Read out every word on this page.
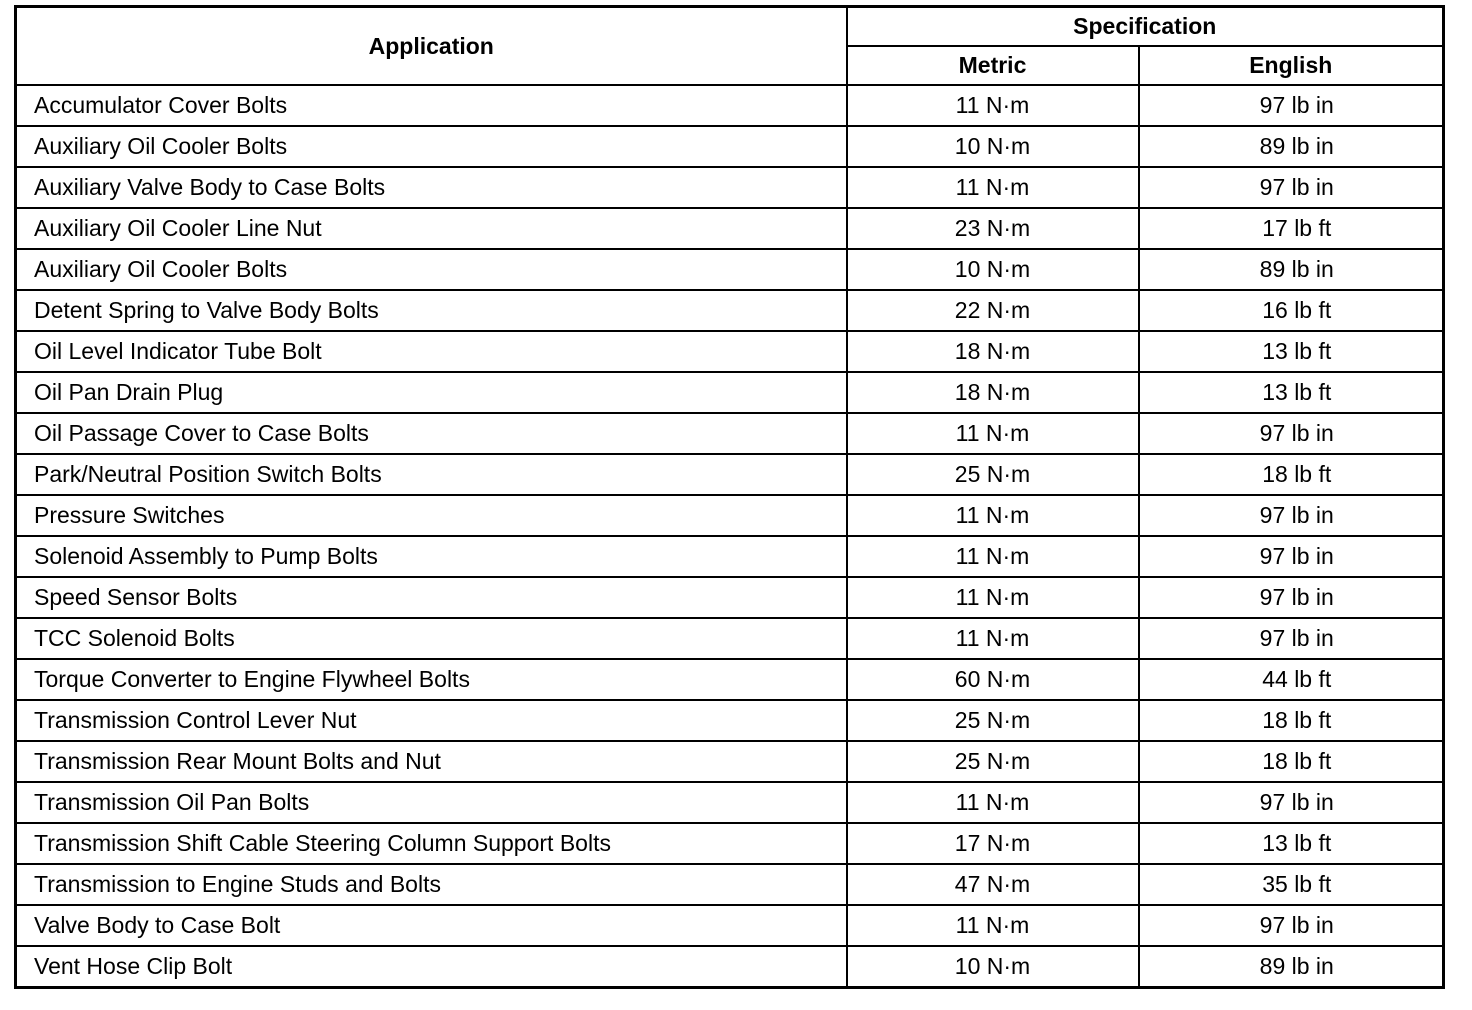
Application	Specification	
	Metric	English
Accumulator Cover Bolts	11 N·m	97 lb in
Auxiliary Oil Cooler Bolts	10 N·m	89 lb in
Auxiliary Valve Body to Case Bolts	11 N·m	97 lb in
Auxiliary Oil Cooler Line Nut	23 N·m	17 lb ft
Auxiliary Oil Cooler Bolts	10 N·m	89 lb in
Detent Spring to Valve Body Bolts	22 N·m	16 lb ft
Oil Level Indicator Tube Bolt	18 N·m	13 lb ft
Oil Pan Drain Plug	18 N·m	13 lb ft
Oil Passage Cover to Case Bolts	11 N·m	97 lb in
Park/Neutral Position Switch Bolts	25 N·m	18 lb ft
Pressure Switches	11 N·m	97 lb in
Solenoid Assembly to Pump Bolts	11 N·m	97 lb in
Speed Sensor Bolts	11 N·m	97 lb in
TCC Solenoid Bolts	11 N·m	97 lb in
Torque Converter to Engine Flywheel Bolts	60 N·m	44 lb ft
Transmission Control Lever Nut	25 N·m	18 lb ft
Transmission Rear Mount Bolts and Nut	25 N·m	18 lb ft
Transmission Oil Pan Bolts	11 N·m	97 lb in
Transmission Shift Cable Steering Column Support Bolts	17 N·m	13 lb ft
Transmission to Engine Studs and Bolts	47 N·m	35 lb ft
Valve Body to Case Bolt	11 N·m	97 lb in
Vent Hose Clip Bolt	10 N·m	89 lb in
